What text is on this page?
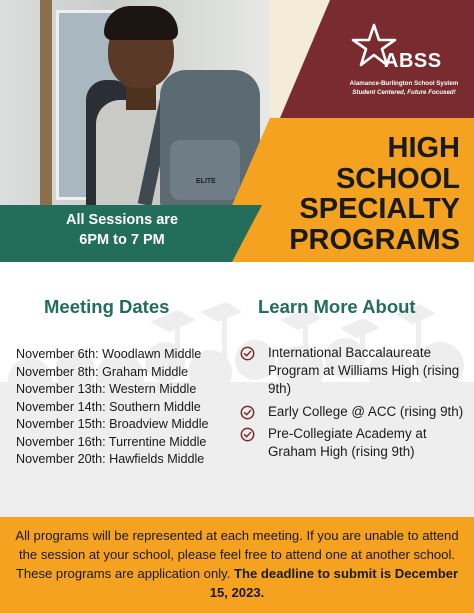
ELITE
ABSS
Alamance-Burlington School System
Student Centered, Future Focused!
HIGH
SCHOOL
SPECIALTY
PROGRAMS
All Sessions are
6PM to 7 PM
Meeting Dates	Learn More About
November 6th: Woodlawn Middle
November 8th: Graham Middle
November 13th: Western Middle
November 14th: Southern Middle
November 15th: Broadview Middle
November 16th: Turrentine Middle
November 20th: Hawfields Middle
International Baccalaureate Program at Williams High (rising 9th)
Early College @ ACC (rising 9th)
Pre-Collegiate Academy at Graham High (rising 9th)
All programs will be represented at each meeting. If you are unable to attend the session at your school, please feel free to attend one at another school. These programs are application only. The deadline to submit is December 15, 2023.
